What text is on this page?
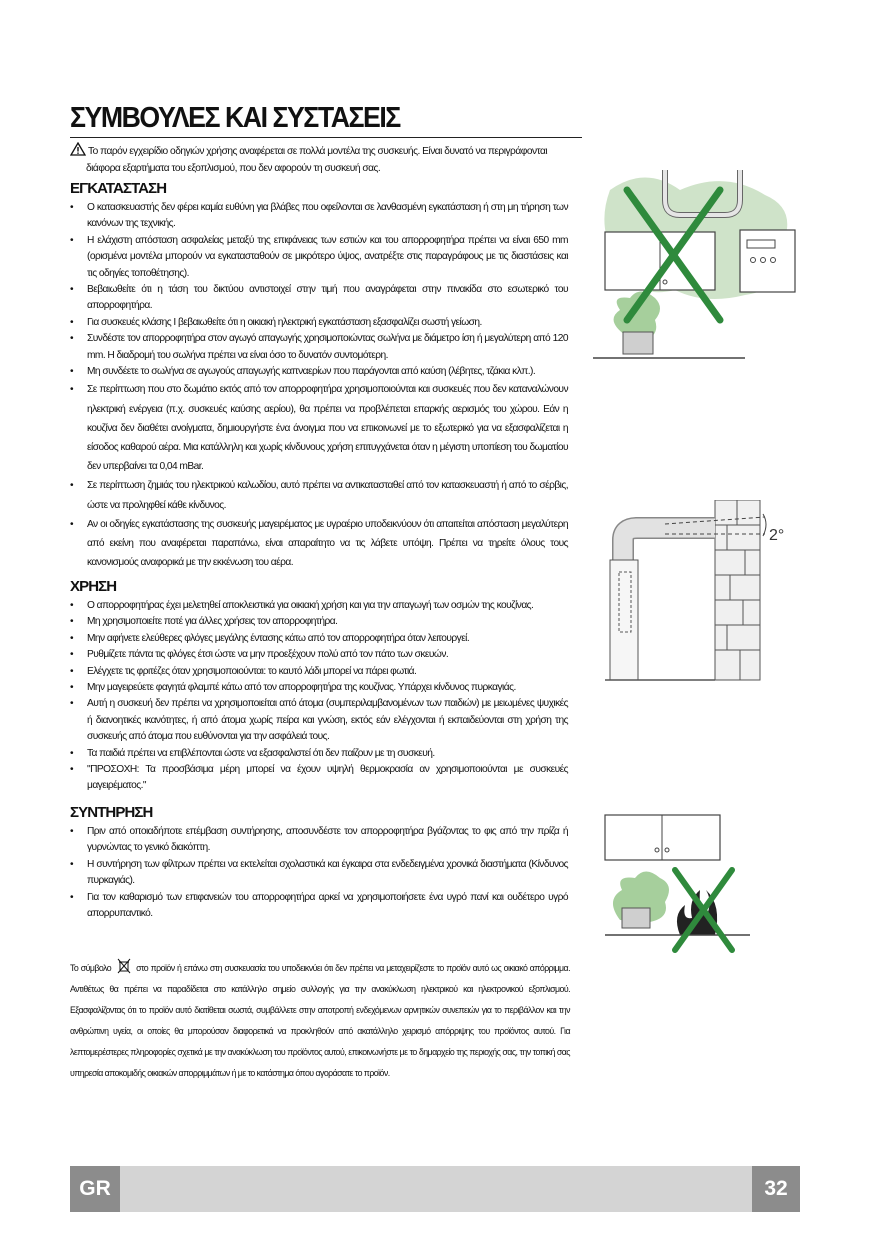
ΣΥΜΒΟΥΛΕΣ ΚΑΙ ΣΥΣΤΑΣΕΙΣ
Το παρόν εγχειρίδιο οδηγιών χρήσης αναφέρεται σε πολλά μοντέλα της συσκευής. Είναι δυνατό να περιγράφονται
διάφορα εξαρτήματα του εξοπλισμού, που δεν αφορούν τη συσκευή σας.
ΕΓΚΑΤΑΣΤΑΣΗ
• Ο κατασκευαστής δεν φέρει καμία ευθύνη για βλάβες που οφείλονται σε λανθασμένη εγκατάσταση ή στη μη τήρηση των κανόνων της τεχνικής.
• Η ελάχιστη απόσταση ασφαλείας μεταξύ της επιφάνειας των εστιών και του απορροφητήρα πρέπει να είναι 650 mm (ορισμένα μοντέλα μπορούν να εγκατασταθούν σε μικρότερο ύψος, ανατρέξτε στις παραγράφους με τις διαστάσεις και τις οδηγίες τοποθέτησης).
• Βεβαιωθείτε ότι η τάση του δικτύου αντιστοιχεί στην τιμή που αναγράφεται στην πινακίδα στο εσωτερικό του απορροφητήρα.
• Για συσκευές κλάσης I βεβαιωθείτε ότι η οικιακή ηλεκτρική εγκατάσταση εξασφαλίζει σωστή γείωση.
• Συνδέστε τον απορροφητήρα στον αγωγό απαγωγής χρησιμοποιώντας σωλήνα με διάμετρο ίση ή μεγαλύτερη από 120 mm. Η διαδρομή του σωλήνα πρέπει να είναι όσο το δυνατόν συντομότερη.
• Μη συνδέετε το σωλήνα σε αγωγούς απαγωγής καπναερίων που παράγονται από καύση (λέβητες, τζάκια κλπ.).
• Σε περίπτωση που στο δωμάτιο εκτός από τον απορροφητήρα χρησιμοποιούνται και συσκευές που δεν καταναλώνουν ηλεκτρική ενέργεια (π.χ. συσκευές καύσης αερίου), θα πρέπει να προβλέπεται επαρκής αερισμός του χώρου. Εάν η κουζίνα δεν διαθέτει ανοίγματα, δημιουργήστε ένα άνοιγμα που να επικοινωνεί με το εξωτερικό για να εξασφαλίζεται η είσοδος καθαρού αέρα. Μια κατάλληλη και χωρίς κίνδυνους χρήση επιτυγχάνεται όταν η μέγιστη υποπίεση του δωματίου δεν υπερβαίνει τα 0,04 mBar.
• Σε περίπτωση ζημιάς του ηλεκτρικού καλωδίου, αυτό πρέπει να αντικατασταθεί από τον κατασκευαστή ή από το σέρβις, ώστε να προληφθεί κάθε κίνδυνος.
• Αν οι οδηγίες εγκατάστασης της συσκευής μαγειρέματος με υγραέριο υποδεικνύουν ότι απαιτείται απόσταση μεγαλύτερη από εκείνη που αναφέρεται παραπάνω, είναι απαραίτητο να τις λάβετε υπόψη. Πρέπει να τηρείτε όλους τους κανονισμούς αναφορικά με την εκκένωση του αέρα.
ΧΡΗΣΗ
• Ο απορροφητήρας έχει μελετηθεί αποκλειστικά για οικιακή χρήση και για την απαγωγή των οσμών της κουζίνας.
• Μη χρησιμοποιείτε ποτέ για άλλες χρήσεις τον απορροφητήρα.
• Μην αφήνετε ελεύθερες φλόγες μεγάλης έντασης κάτω από τον απορροφητήρα όταν λειτουργεί.
• Ρυθμίζετε πάντα τις φλόγες έτσι ώστε να μην προεξέχουν πολύ από τον πάτο των σκευών.
• Ελέγχετε τις φριτέζες όταν χρησιμοποιούνται: το καυτό λάδι μπορεί να πάρει φωτιά.
• Μην μαγειρεύετε φαγητά φλαμπέ κάτω από τον απορροφητήρα της κουζίνας. Υπάρχει κίνδυνος πυρκαγιάς.
• Αυτή η συσκευή δεν πρέπει να χρησιμοποιείται από άτομα (συμπεριλαμβανομένων των παιδιών) με μειωμένες ψυχικές ή διανοητικές ικανότητες, ή από άτομα χωρίς πείρα και γνώση, εκτός εάν ελέγχονται ή εκπαιδεύονται στη χρήση της συσκευής από άτομα που ευθύνονται για την ασφάλειά τους.
• Τα παιδιά πρέπει να επιβλέπονται ώστε να εξασφαλιστεί ότι δεν παίζουν με τη συσκευή.
• "ΠΡΟΣΟΧΗ: Τα προσβάσιμα μέρη μπορεί να έχουν υψηλή θερμοκρασία αν χρησιμοποιούνται με συσκευές μαγειρέματος."
ΣΥΝΤΗΡΗΣΗ
• Πριν από οποιαδήποτε επέμβαση συντήρησης, αποσυνδέστε τον απορροφητήρα βγάζοντας το φις από την πρίζα ή γυρνώντας το γενικό διακόπτη.
• Η συντήρηση των φίλτρων πρέπει να εκτελείται σχολαστικά και έγκαιρα στα ενδεδειγμένα χρονικά διαστήματα (Κίνδυνος πυρκαγιάς).
• Για τον καθαρισμό των επιφανειών του απορροφητήρα αρκεί να χρησιμοποιήσετε ένα υγρό πανί και ουδέτερο υγρό απορρυπαντικό.
Το σύμβολο	στο προϊόν ή επάνω στη συσκευασία του υποδεικνύει ότι δεν πρέπει να μεταχειρίζεστε το προϊόν αυτό ως οικιακό απόρριμμα. Αντιθέτως θα πρέπει να παραδίδεται στο κατάλληλο σημείο συλλογής για την ανακύκλωση ηλεκτρικού και ηλεκτρονικού εξοπλισμού. Εξασφαλίζοντας ότι το προϊόν αυτό διατίθεται σωστά, συμβάλλετε στην αποτροπή ενδεχόμενων αρνητικών συνεπειών για το περιβάλλον και την ανθρώπινη υγεία, οι οποίες θα μπορούσαν διαφορετικά να προκληθούν από ακατάλληλο χειρισμό απόρριψης του προϊόντος αυτού. Για λεπτομερέστερες πληροφορίες σχετικά με την ανακύκλωση του προϊόντος αυτού, επικοινωνήστε με το δημαρχείο της περιοχής σας, την τοπική σας υπηρεσία αποκομιδής οικιακών απορριμμάτων ή με το κατάστημα όπου αγοράσατε το προϊόν.
2°
GR	32
